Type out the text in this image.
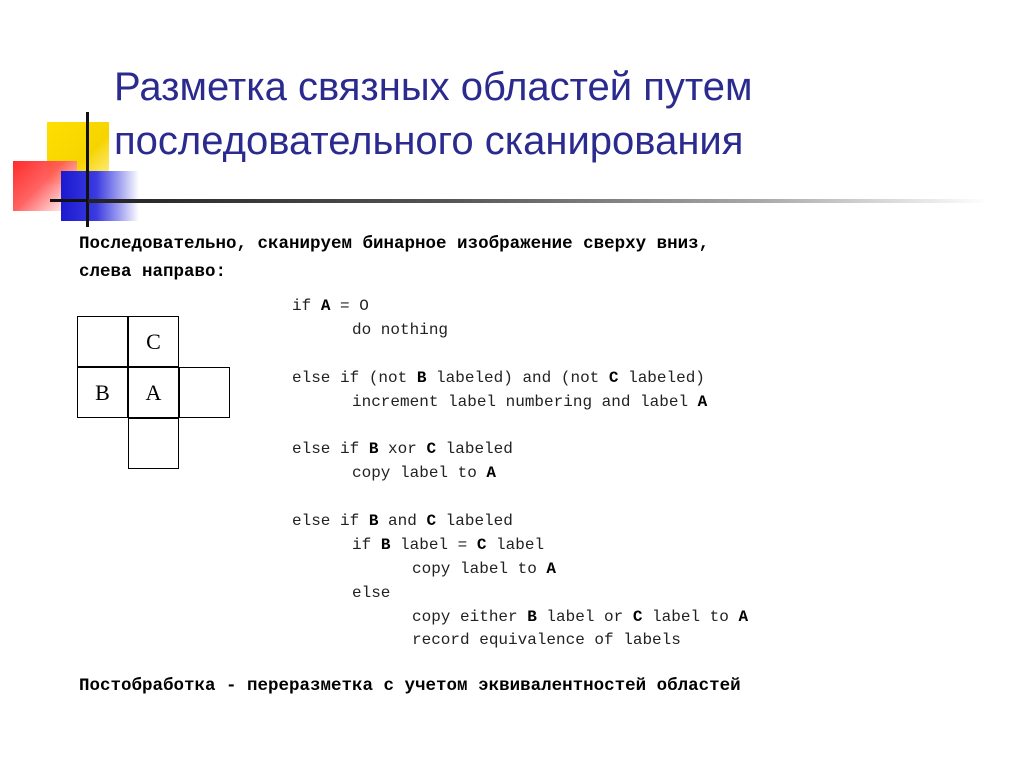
Разметка связных областей путем
последовательного сканирования
Последовательно, сканируем бинарное изображение сверху вниз,
слева направо:
C
B A
if A = O
do nothing
else if (not B labeled) and (not C labeled)
increment label numbering and label A
else if B xor C labeled
copy label to A
else if B and C labeled
if B label = C label
copy label to A
else
copy either B label or C label to A
record equivalence of labels
Постобработка - переразметка с учетом эквивалентностей областей
